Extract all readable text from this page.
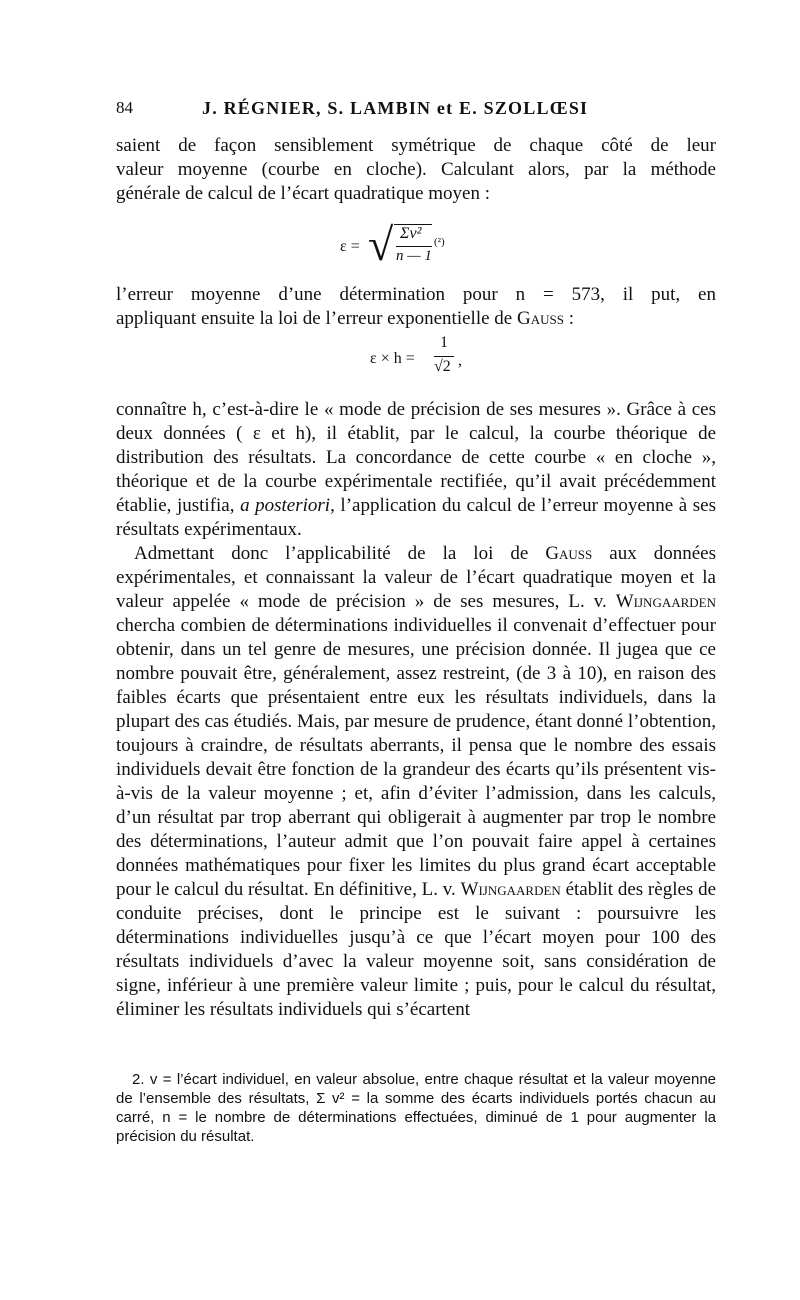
84	J. RÉGNIER, S. LAMBIN et E. SZOLLŒSI
saient de façon sensiblement symétrique de chaque côté de leur
valeur moyenne (courbe en cloche). Calculant alors, par la méthode
générale de calcul de l’écart quadratique moyen :
ε = √ Σv²
n — 1
(²)
l’erreur moyenne d’une détermination pour n = 573, il put, en
appliquant ensuite la loi de l’erreur exponentielle de Gauss :
ε × h =
1
√2 ,

connaître h, c’est-à-dire le « mode de précision de ses mesures ». Grâce à ces deux données ( ε et h), il établit, par le calcul, la courbe théorique de distribution des résultats. La concordance de cette courbe « en cloche », théorique et de la courbe expérimentale rectifiée, qu’il avait précédemment établie, justifia, a posteriori, l’application du calcul de l’erreur moyenne à ses résultats expérimentaux.

Admettant donc l’applicabilité de la loi de Gauss aux données expérimentales, et connaissant la valeur de l’écart quadratique moyen et la valeur appelée « mode de précision » de ses mesures, L. v. Wijngaarden chercha combien de déterminations individuelles il convenait d’effectuer pour obtenir, dans un tel genre de mesures, une précision donnée. Il jugea que ce nombre pouvait être, généralement, assez restreint, (de 3 à 10), en raison des faibles écarts que présentaient entre eux les résultats individuels, dans la plupart des cas étudiés. Mais, par mesure de prudence, étant donné l’obtention, toujours à craindre, de résultats aberrants, il pensa que le nombre des essais individuels devait être fonction de la grandeur des écarts qu’ils présentent vis-à-vis de la valeur moyenne ; et, afin d’éviter l’admission, dans les calculs, d’un résultat par trop aberrant qui obligerait à augmenter par trop le nombre des déterminations, l’auteur admit que l’on pouvait faire appel à certaines données mathématiques pour fixer les limites du plus grand écart acceptable pour le calcul du résultat. En définitive, L. v. Wijngaarden établit des règles de conduite précises, dont le principe est le suivant : poursuivre les déterminations individuelles jusqu’à ce que l’écart moyen pour 100 des résultats individuels d’avec la valeur moyenne soit, sans considération de signe, inférieur à une première valeur limite ; puis, pour le calcul du résultat, éliminer les résultats individuels qui s’écartent

2. v = l’écart individuel, en valeur absolue, entre chaque résultat et la valeur moyenne de l’ensemble des résultats, Σ v² = la somme des écarts individuels portés chacun au carré, n = le nombre de déterminations effectuées, diminué de 1 pour augmenter la précision du résultat.
